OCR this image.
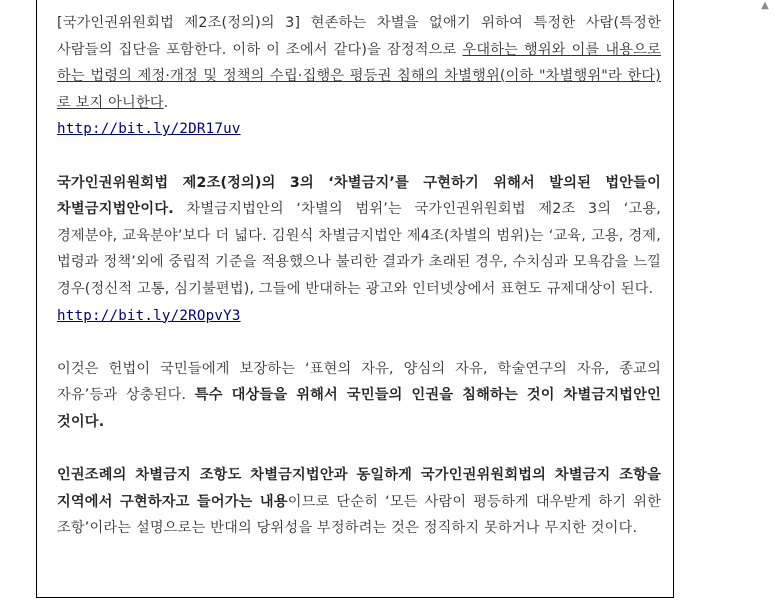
▲

[국가인권위원회법 제2조(정의)의 3] 현존하는 차별을 없애기 위하여 특정한 사람(특정한 사람들의 집단을 포함한다. 이하 이 조에서 같다)을 잠정적으로 우대하는 행위와 이를 내용으로 하는 법령의 제정·개정 및 정책의 수립·집행은 평등권 침해의 차별행위(이하 "차별행위"라 한다)로 보지 아니한다.
http://bit.ly/2DR17uv

국가인권위원회법 제2조(정의)의 3의 ‘차별금지’를 구현하기 위해서 발의된 법안들이 차별금지법안이다. 차별금지법안의 ‘차별의 범위’는 국가인권위원회법 제2조 3의 ‘고용, 경제분야, 교육분야’보다 더 넓다. 김원식 차별금지법안 제4조(차별의 범위)는 ‘교육, 고용, 경제, 법령과 정책’외에 중립적 기준을 적용했으나 불리한 결과가 초래된 경우, 수치심과 모욕감을 느낄 경우(정신적 고통, 심기불편법), 그들에 반대하는 광고와 인터넷상에서 표현도 규제대상이 된다.
http://bit.ly/2ROpvY3

이것은 헌법이 국민들에게 보장하는 ‘표현의 자유, 양심의 자유, 학술연구의 자유, 종교의 자유’등과 상충된다. 특수 대상들을 위해서 국민들의 인권을 침해하는 것이 차별금지법안인 것이다.

인권조례의 차별금지 조항도 차별금지법안과 동일하게 국가인권위원회법의 차별금지 조항을 지역에서 구현하자고 들어가는 내용이므로 단순히 ‘모든 사람이 평등하게 대우받게 하기 위한 조항’이라는 설명으로는 반대의 당위성을 부정하려는 것은 정직하지 못하거나 무지한 것이다.
